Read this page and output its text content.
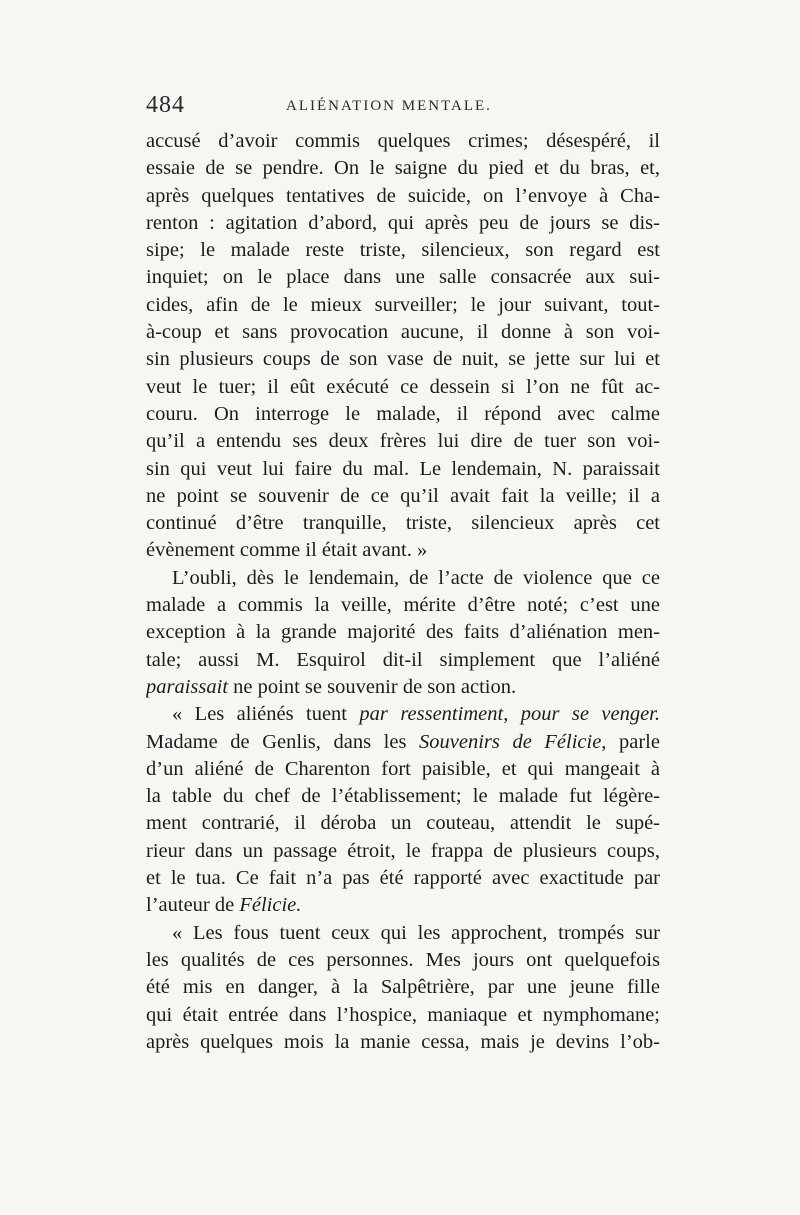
484	ALIÉNATION MENTALE.
accusé d’avoir commis quelques crimes; désespéré, il
essaie de se pendre. On le saigne du pied et du bras, et,
après quelques tentatives de suicide, on l’envoye à Cha-
renton : agitation d’abord, qui après peu de jours se dis-
sipe; le malade reste triste, silencieux, son regard est
inquiet; on le place dans une salle consacrée aux sui-
cides, afin de le mieux surveiller; le jour suivant, tout-
à-coup et sans provocation aucune, il donne à son voi-
sin plusieurs coups de son vase de nuit, se jette sur lui et
veut le tuer; il eût exécuté ce dessein si l’on ne fût ac-
couru. On interroge le malade, il répond avec calme
qu’il a entendu ses deux frères lui dire de tuer son voi-
sin qui veut lui faire du mal. Le lendemain, N. paraissait
ne point se souvenir de ce qu’il avait fait la veille; il a
continué d’être tranquille, triste, silencieux après cet
évènement comme il était avant. »
L’oubli, dès le lendemain, de l’acte de violence que ce
malade a commis la veille, mérite d’être noté; c’est une
exception à la grande majorité des faits d’aliénation men-
tale; aussi M. Esquirol dit-il simplement que l’aliéné
paraissait ne point se souvenir de son action.
« Les aliénés tuent par ressentiment, pour se venger.
Madame de Genlis, dans les Souvenirs de Félicie, parle
d’un aliéné de Charenton fort paisible, et qui mangeait à
la table du chef de l’établissement; le malade fut légère-
ment contrarié, il déroba un couteau, attendit le supé-
rieur dans un passage étroit, le frappa de plusieurs coups,
et le tua. Ce fait n’a pas été rapporté avec exactitude par
l’auteur de Félicie.
« Les fous tuent ceux qui les approchent, trompés sur
les qualités de ces personnes. Mes jours ont quelquefois
été mis en danger, à la Salpêtrière, par une jeune fille
qui était entrée dans l’hospice, maniaque et nymphomane;
après quelques mois la manie cessa, mais je devins l’ob-
